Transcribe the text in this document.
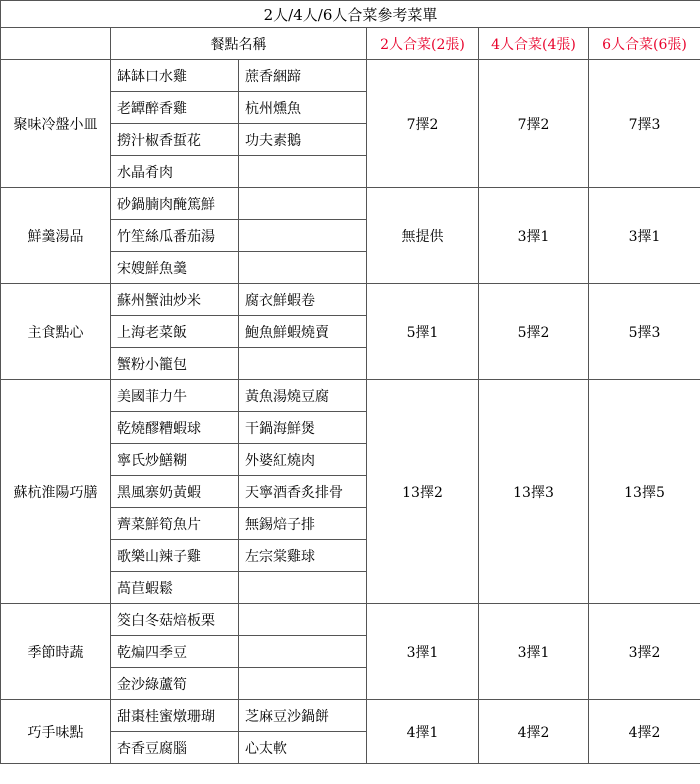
2人/4人/6人合菜參考菜單					
	餐點名稱		2人合菜(2張)	4人合菜(4張)	6人合菜(6張)
聚味冷盤小皿	缽缽口水雞	蔗香綑蹄	7擇2	7擇2	7擇3
	老罈醉香雞	杭州燻魚			
	撈汁椒香蜇花	功夫素鵝			
	水晶肴肉				
鮮羹湯品	砂鍋腩肉醃篤鮮		無提供	3擇1	3擇1
	竹笙絲瓜番茄湯				
	宋嫂鮮魚羹				
主食點心	蘇州蟹油炒米	腐衣鮮蝦卷	5擇1	5擇2	5擇3
	上海老菜飯	鮑魚鮮蝦燒賣			
	蟹粉小籠包				
蘇杭淮陽巧膳	美國菲力牛	黃魚湯燒豆腐	13擇2	13擇3	13擇5
	乾燒醪糟蝦球	干鍋海鮮煲			
	寧氏炒鱔糊	外婆紅燒肉			
	黑風寨奶黃蝦	天寧酒香炙排骨			
	薺菜鮮筍魚片	無錫焙子排			
	歌樂山辣子雞	左宗棠雞球			
	萵苣蝦鬆				
季節時蔬	筊白冬菇焙板栗		3擇1	3擇1	3擇2
	乾煸四季豆				
	金沙綠蘆筍				
巧手味點	甜棗桂蜜燉珊瑚	芝麻豆沙鍋餅	4擇1	4擇2	4擇2
	杏香豆腐腦	心太軟			
